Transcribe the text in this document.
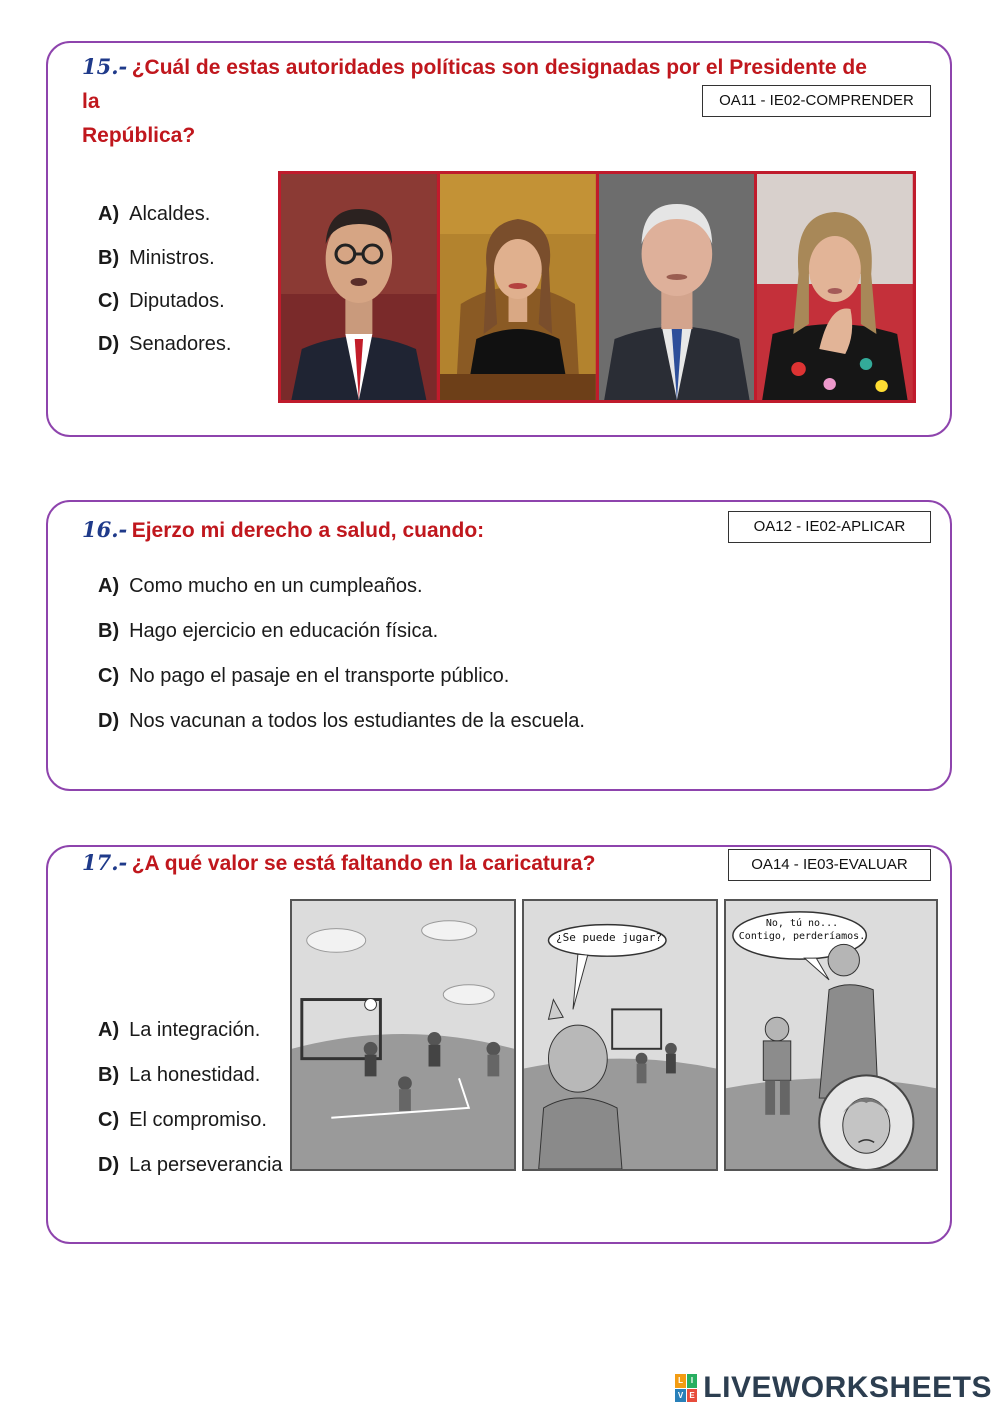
15.- ¿Cuál de estas autoridades políticas son designadas por el Presidente de la
República?
OA11 - IE02-COMPRENDER
A) Alcaldes.
B) Ministros.
C) Diputados.
D) Senadores.
16.- Ejerzo mi derecho a salud, cuando:	OA12 - IE02-APLICAR
A) Como mucho en un cumpleaños.
B) Hago ejercicio en educación física.
C) No pago el pasaje en el transporte público.
D) Nos vacunan a todos los estudiantes de la escuela.
17.- ¿A qué valor se está faltando en la caricatura?	OA14 - IE03-EVALUAR
A) La integración.
B) La honestidad.
C) El compromiso.
D) La perseverancia
¿Se puede jugar?
No, tú no...
Contigo, perderíamos.
L I
V E LIVEWORKSHEETS
